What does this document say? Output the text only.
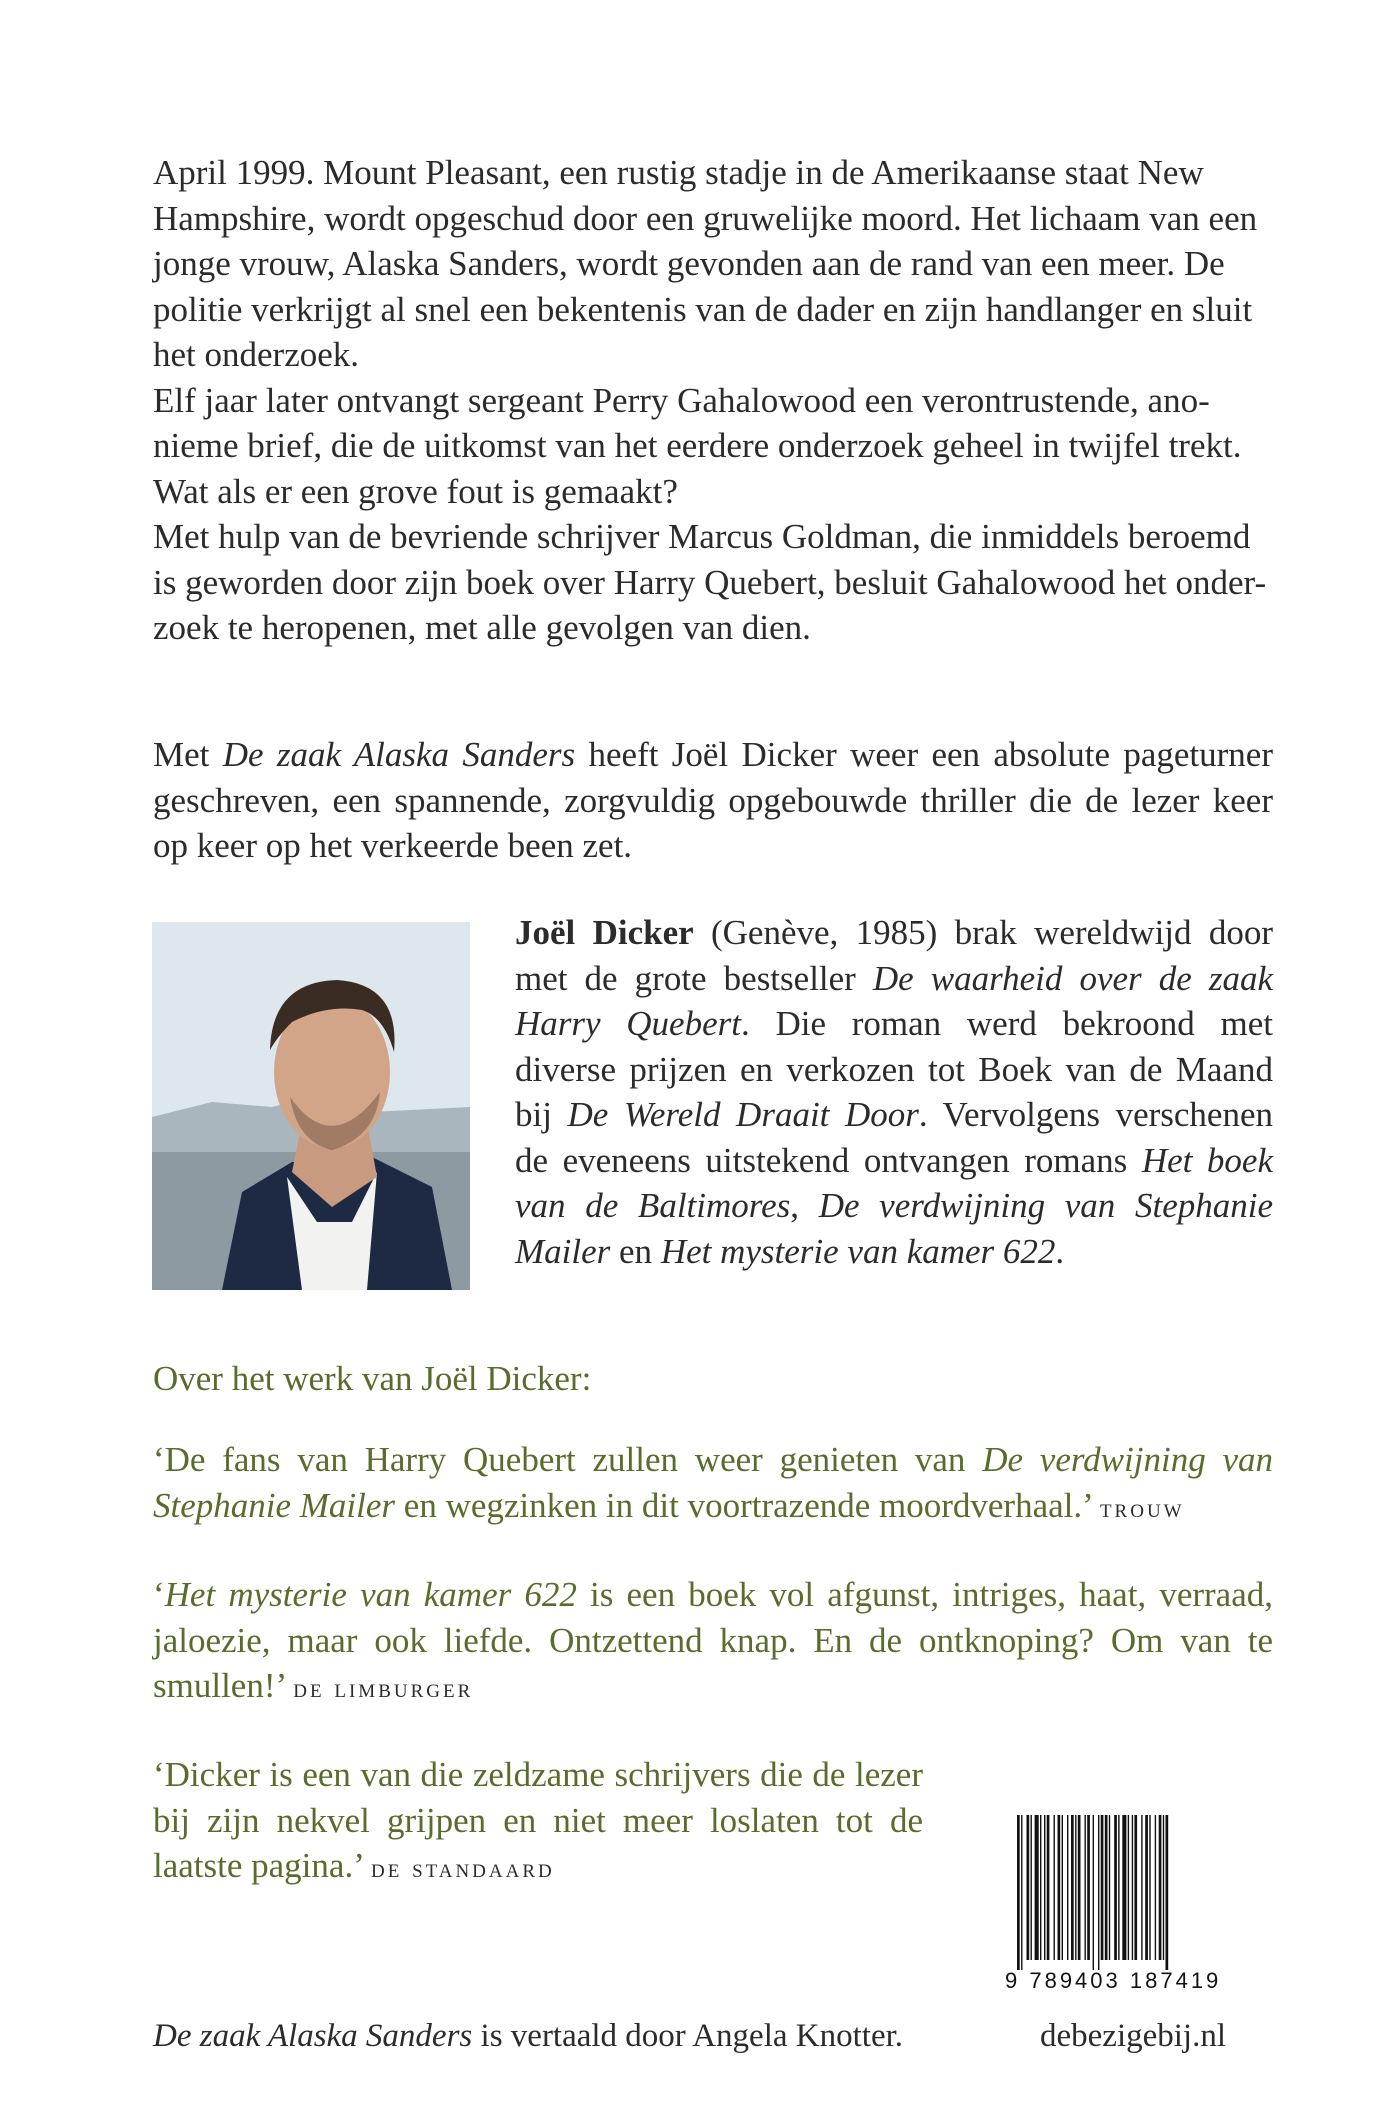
April 1999. Mount Pleasant, een rustig stadje in de Amerikaanse staat New
Hampshire, wordt opgeschud door een gruwelijke moord. Het lichaam van een
jonge vrouw, Alaska Sanders, wordt gevonden aan de rand van een meer. De
politie verkrijgt al snel een bekentenis van de dader en zijn handlanger en sluit
het onderzoek.
Elf jaar later ontvangt sergeant Perry Gahalowood een verontrustende, ano-
nieme brief, die de uitkomst van het eerdere onderzoek geheel in twijfel trekt.
Wat als er een grove fout is gemaakt?
Met hulp van de bevriende schrijver Marcus Goldman, die inmiddels beroemd
is geworden door zijn boek over Harry Quebert, besluit Gahalowood het onder-
zoek te heropenen, met alle gevolgen van dien.

Met De zaak Alaska Sanders heeft Joël Dicker weer een absolute pageturner geschreven, een spannende, zorgvuldig opgebouwde thriller die de lezer keer op keer op het verkeerde been zet.

Joël Dicker (Genève, 1985) brak wereldwijd door met de grote bestseller De waarheid over de zaak Harry Quebert. Die roman werd bekroond met diverse prijzen en verkozen tot Boek van de Maand bij De Wereld Draait Door. Vervolgens verschenen de eveneens uitstekend ontvangen romans Het boek van de Baltimores, De verdwijning van Stephanie Mailer en Het mysterie van kamer 622.

Over het werk van Joël Dicker:

‘De fans van Harry Quebert zullen weer genieten van De verdwijning van Stephanie Mailer en wegzinken in dit voortrazende moordverhaal.’ trouw

‘Het mysterie van kamer 622 is een boek vol afgunst, intriges, haat, verraad, jaloezie, maar ook liefde. Ontzettend knap. En de ontknoping? Om van te smullen!’ de limburger

‘Dicker is een van die zeldzame schrijvers die de lezer bij zijn nekvel grijpen en niet meer loslaten tot de laatste pagina.’ de standaard

9 789403 187419

De zaak Alaska Sanders is vertaald door Angela Knotter.	debezigebij.nl
